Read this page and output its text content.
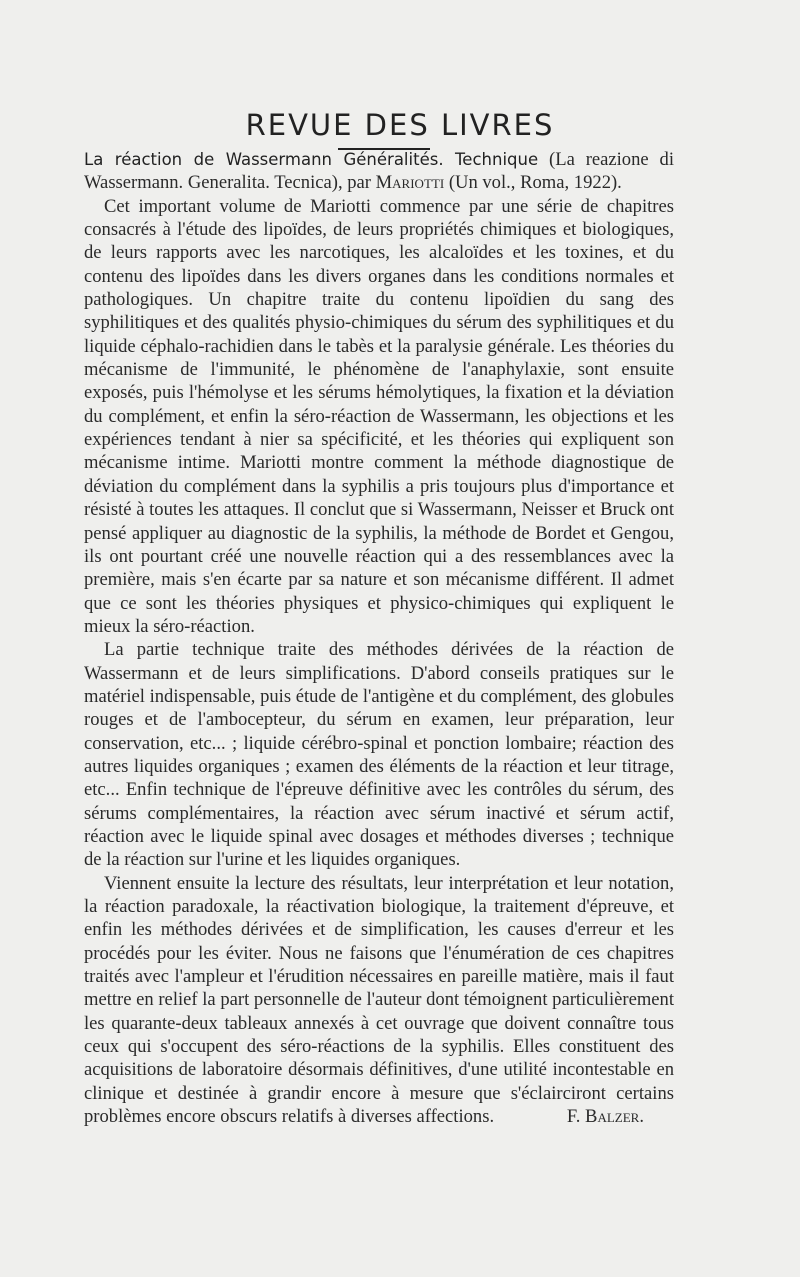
REVUE DES LIVRES

La réaction de Wassermann Généralités. Technique (La reazione di Wassermann. Generalita. Tecnica), par Mariotti (Un vol., Roma, 1922).

Cet important volume de Mariotti commence par une série de chapitres consacrés à l'étude des lipoïdes, de leurs propriétés chimiques et biologiques, de leurs rapports avec les narcotiques, les alcaloïdes et les toxines, et du contenu des lipoïdes dans les divers organes dans les conditions normales et pathologiques. Un chapitre traite du contenu lipoïdien du sang des syphilitiques et des qualités physio-chimiques du sérum des syphilitiques et du liquide céphalo-rachidien dans le tabès et la paralysie générale. Les théories du mécanisme de l'immunité, le phénomène de l'anaphylaxie, sont ensuite exposés, puis l'hémolyse et les sérums hémolytiques, la fixation et la déviation du complément, et enfin la séro-réaction de Wassermann, les objections et les expériences tendant à nier sa spécificité, et les théories qui expliquent son mécanisme intime. Mariotti montre comment la méthode diagnostique de déviation du complément dans la syphilis a pris toujours plus d'importance et résisté à toutes les attaques. Il conclut que si Wassermann, Neisser et Bruck ont pensé appliquer au diagnostic de la syphilis, la méthode de Bordet et Gengou, ils ont pourtant créé une nouvelle réaction qui a des ressemblances avec la première, mais s'en écarte par sa nature et son mécanisme différent. Il admet que ce sont les théories physiques et physico-chimiques qui expliquent le mieux la séro-réaction.

La partie technique traite des méthodes dérivées de la réaction de Wassermann et de leurs simplifications. D'abord conseils pratiques sur le matériel indispensable, puis étude de l'antigène et du complément, des globules rouges et de l'ambocepteur, du sérum en examen, leur préparation, leur conservation, etc... ; liquide cérébro-spinal et ponction lombaire; réaction des autres liquides organiques ; examen des éléments de la réaction et leur titrage, etc... Enfin technique de l'épreuve définitive avec les contrôles du sérum, des sérums complémentaires, la réaction avec sérum inactivé et sérum actif, réaction avec le liquide spinal avec dosages et méthodes diverses ; technique de la réaction sur l'urine et les liquides organiques.

Viennent ensuite la lecture des résultats, leur interprétation et leur notation, la réaction paradoxale, la réactivation biologique, la traitement d'épreuve, et enfin les méthodes dérivées et de simplification, les causes d'erreur et les procédés pour les éviter. Nous ne faisons que l'énumération de ces chapitres traités avec l'ampleur et l'érudition nécessaires en pareille matière, mais il faut mettre en relief la part personnelle de l'auteur dont témoignent particulièrement les quarante-deux tableaux annexés à cet ouvrage que doivent connaître tous ceux qui s'occupent des séro-réactions de la syphilis. Elles constituent des acquisitions de laboratoire désormais définitives, d'une utilité incontestable en clinique et destinée à grandir encore à mesure que s'éclairciront certains problèmes encore obscurs relatifs à diverses affections.	F. Balzer.
